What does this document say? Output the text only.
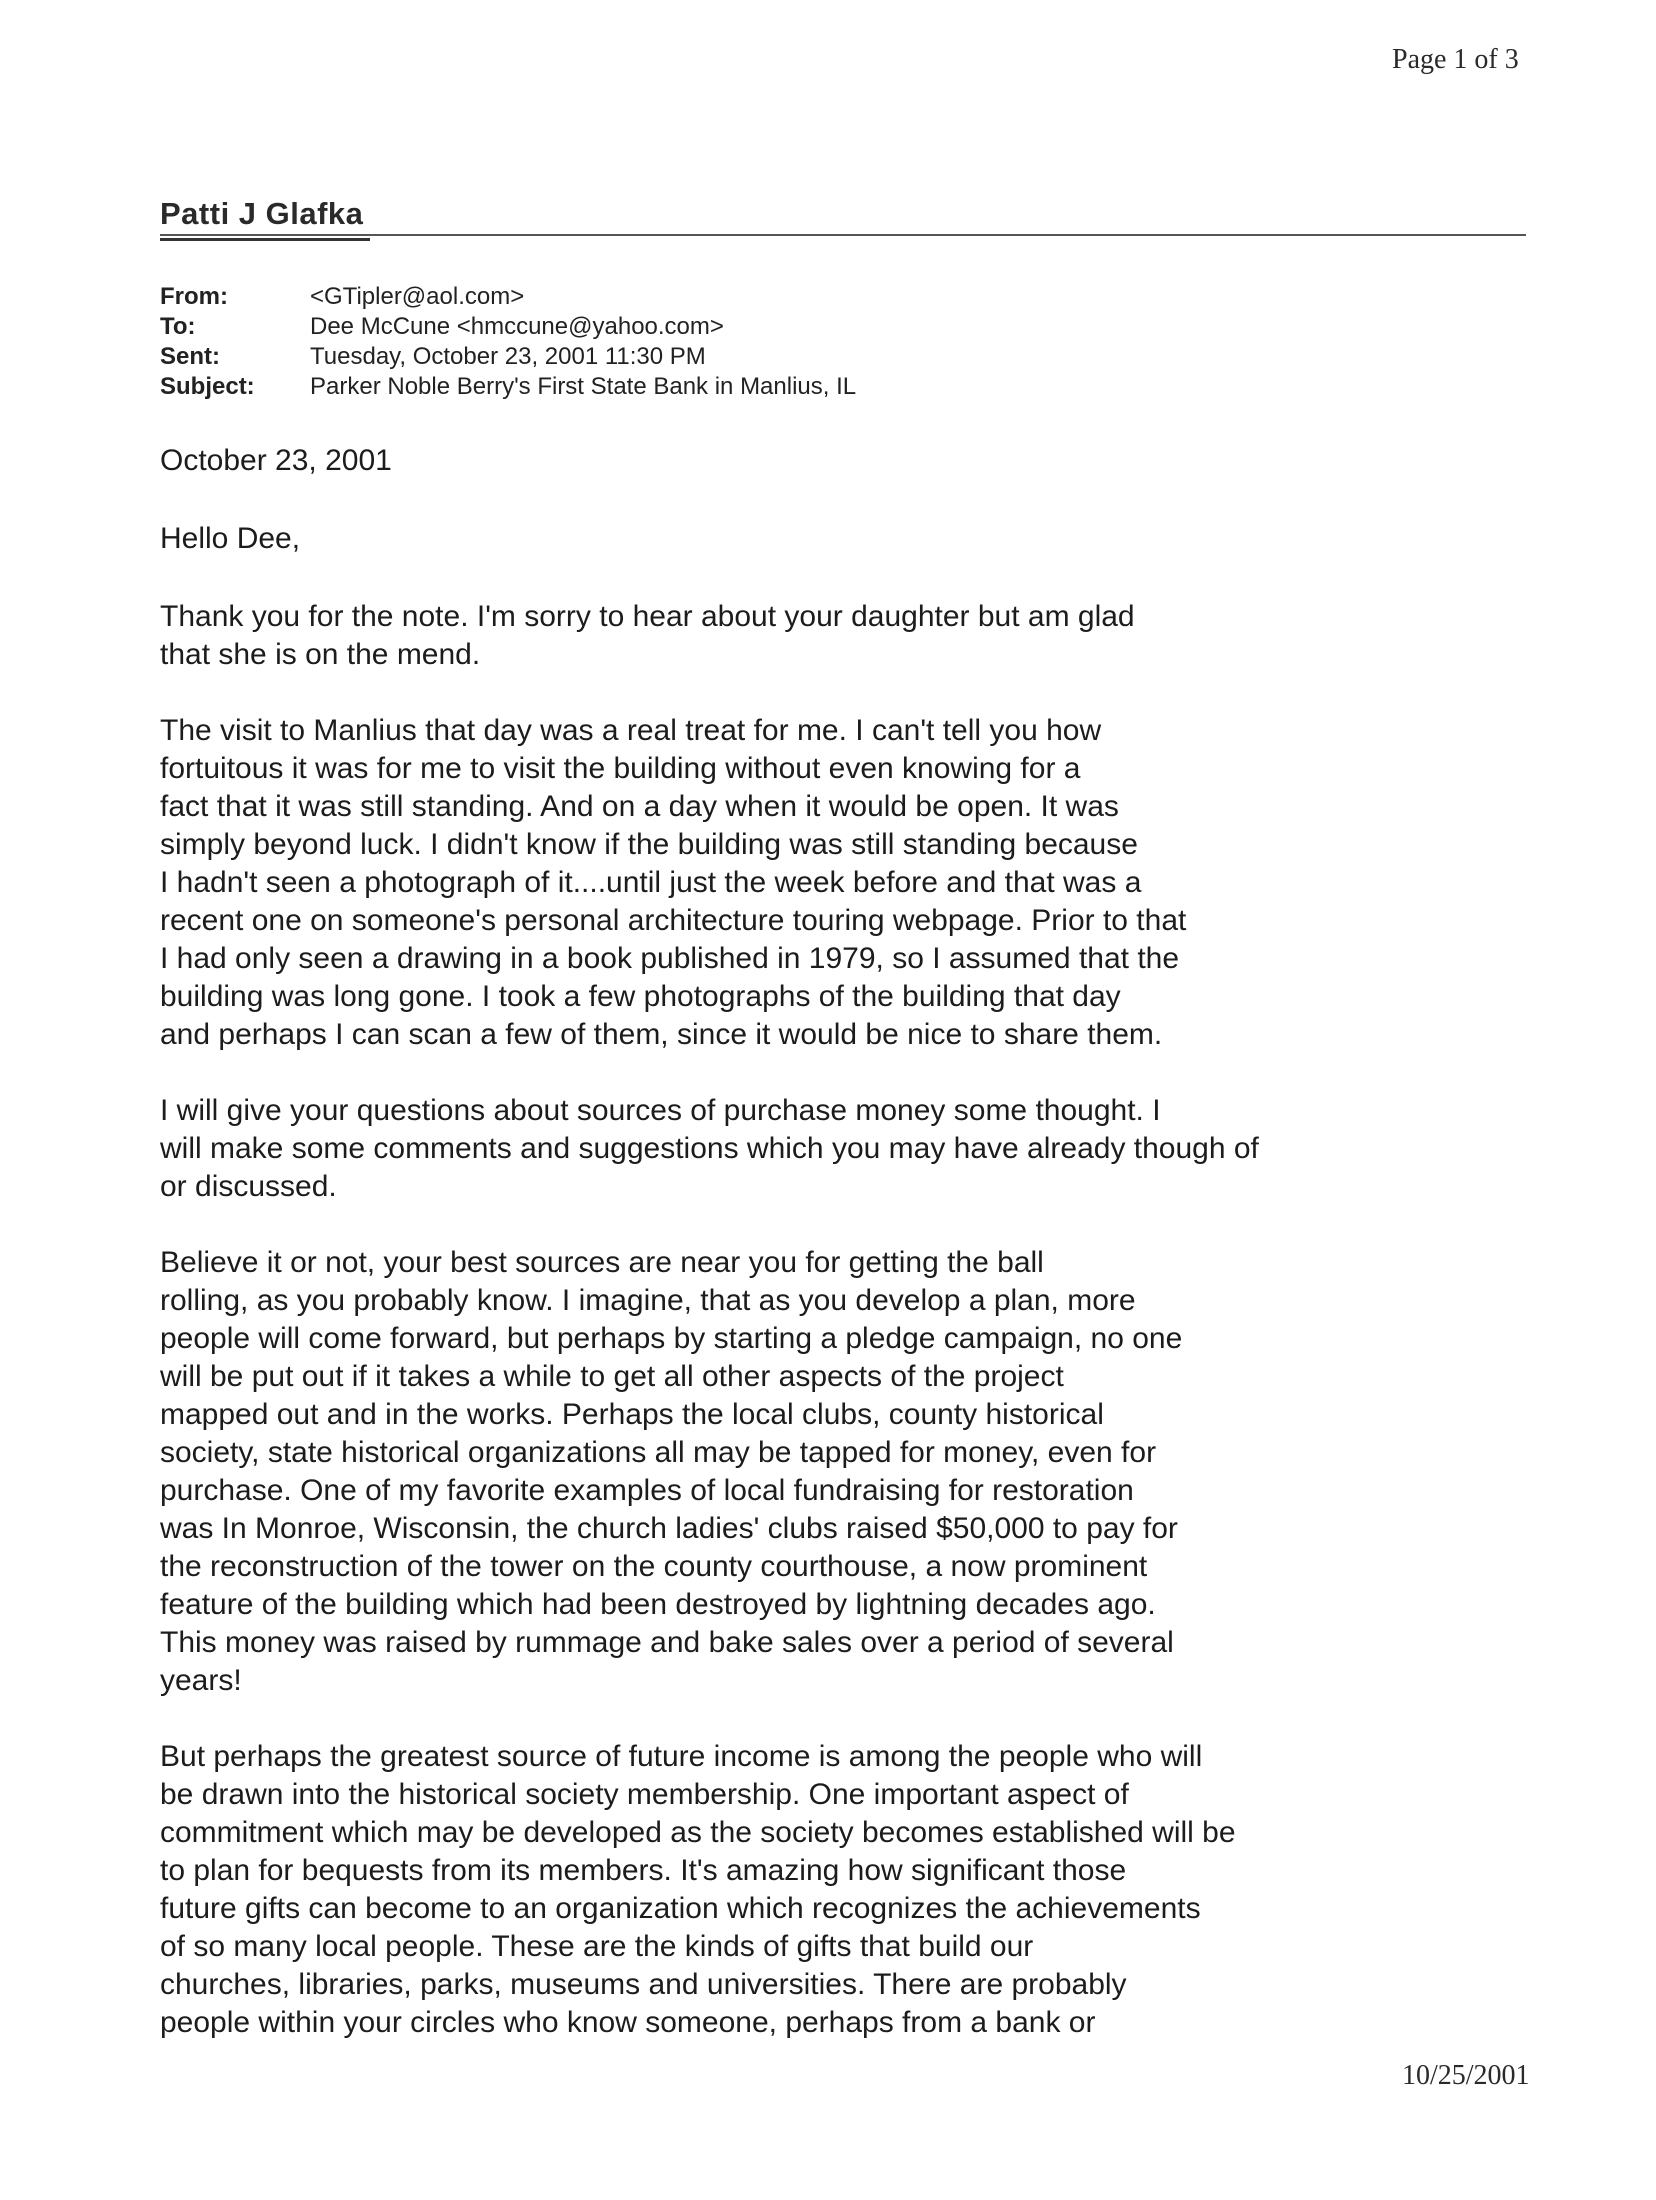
Page 1 of 3
Patti J Glafka
From:	<GTipler@aol.com>
To:	Dee McCune <hmccune@yahoo.com>
Sent:	Tuesday, October 23, 2001 11:30 PM
Subject:	Parker Noble Berry's First State Bank in Manlius, IL
October 23, 2001
Hello Dee,
Thank you for the note. I'm sorry to hear about your daughter but am glad
that she is on the mend.
The visit to Manlius that day was a real treat for me. I can't tell you how
fortuitous it was for me to visit the building without even knowing for a
fact that it was still standing. And on a day when it would be open. It was
simply beyond luck. I didn't know if the building was still standing because
I hadn't seen a photograph of it....until just the week before and that was a
recent one on someone's personal architecture touring webpage. Prior to that
I had only seen a drawing in a book published in 1979, so I assumed that the
building was long gone. I took a few photographs of the building that day
and perhaps I can scan a few of them, since it would be nice to share them.
I will give your questions about sources of purchase money some thought. I
will make some comments and suggestions which you may have already though of
or discussed.
Believe it or not, your best sources are near you for getting the ball
rolling, as you probably know. I imagine, that as you develop a plan, more
people will come forward, but perhaps by starting a pledge campaign, no one
will be put out if it takes a while to get all other aspects of the project
mapped out and in the works. Perhaps the local clubs, county historical
society, state historical organizations all may be tapped for money, even for
purchase. One of my favorite examples of local fundraising for restoration
was In Monroe, Wisconsin, the church ladies' clubs raised $50,000 to pay for
the reconstruction of the tower on the county courthouse, a now prominent
feature of the building which had been destroyed by lightning decades ago.
This money was raised by rummage and bake sales over a period of several
years!
But perhaps the greatest source of future income is among the people who will
be drawn into the historical society membership. One important aspect of
commitment which may be developed as the society becomes established will be
to plan for bequests from its members. It's amazing how significant those
future gifts can become to an organization which recognizes the achievements
of so many local people. These are the kinds of gifts that build our
churches, libraries, parks, museums and universities. There are probably
people within your circles who know someone, perhaps from a bank or
10/25/2001
